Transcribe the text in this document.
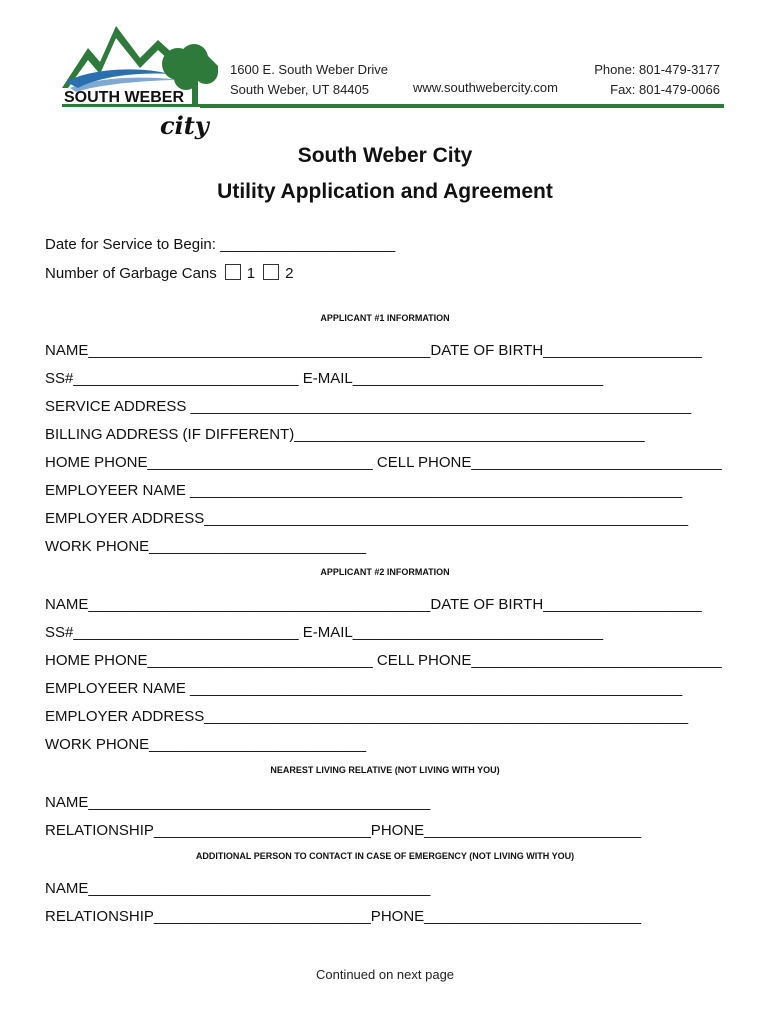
SOUTH WEBER
city
1600 E. South Weber Drive
South Weber, UT 84405	www.southwebercity.com
Phone: 801-479-3177
Fax: 801-479-0066
South Weber City
Utility Application and Agreement
Date for Service to Begin: _____________________
Number of Garbage Cans 1 2
APPLICANT #1 INFORMATION
NAME_________________________________________DATE OF BIRTH___________________
SS#___________________________ E-MAIL______________________________
SERVICE ADDRESS ____________________________________________________________
BILLING ADDRESS (IF DIFFERENT)__________________________________________
HOME PHONE___________________________ CELL PHONE______________________________
EMPLOYEER NAME ___________________________________________________________
EMPLOYER ADDRESS__________________________________________________________
WORK PHONE__________________________
APPLICANT #2 INFORMATION
NAME_________________________________________DATE OF BIRTH___________________
SS#___________________________ E-MAIL______________________________
HOME PHONE___________________________ CELL PHONE______________________________
EMPLOYEER NAME ___________________________________________________________
EMPLOYER ADDRESS__________________________________________________________
WORK PHONE__________________________
NEAREST LIVING RELATIVE (NOT LIVING WITH YOU)
NAME_________________________________________
RELATIONSHIP__________________________PHONE__________________________
ADDITIONAL PERSON TO CONTACT IN CASE OF EMERGENCY (NOT LIVING WITH YOU)
NAME_________________________________________
RELATIONSHIP__________________________PHONE__________________________
Continued on next page
